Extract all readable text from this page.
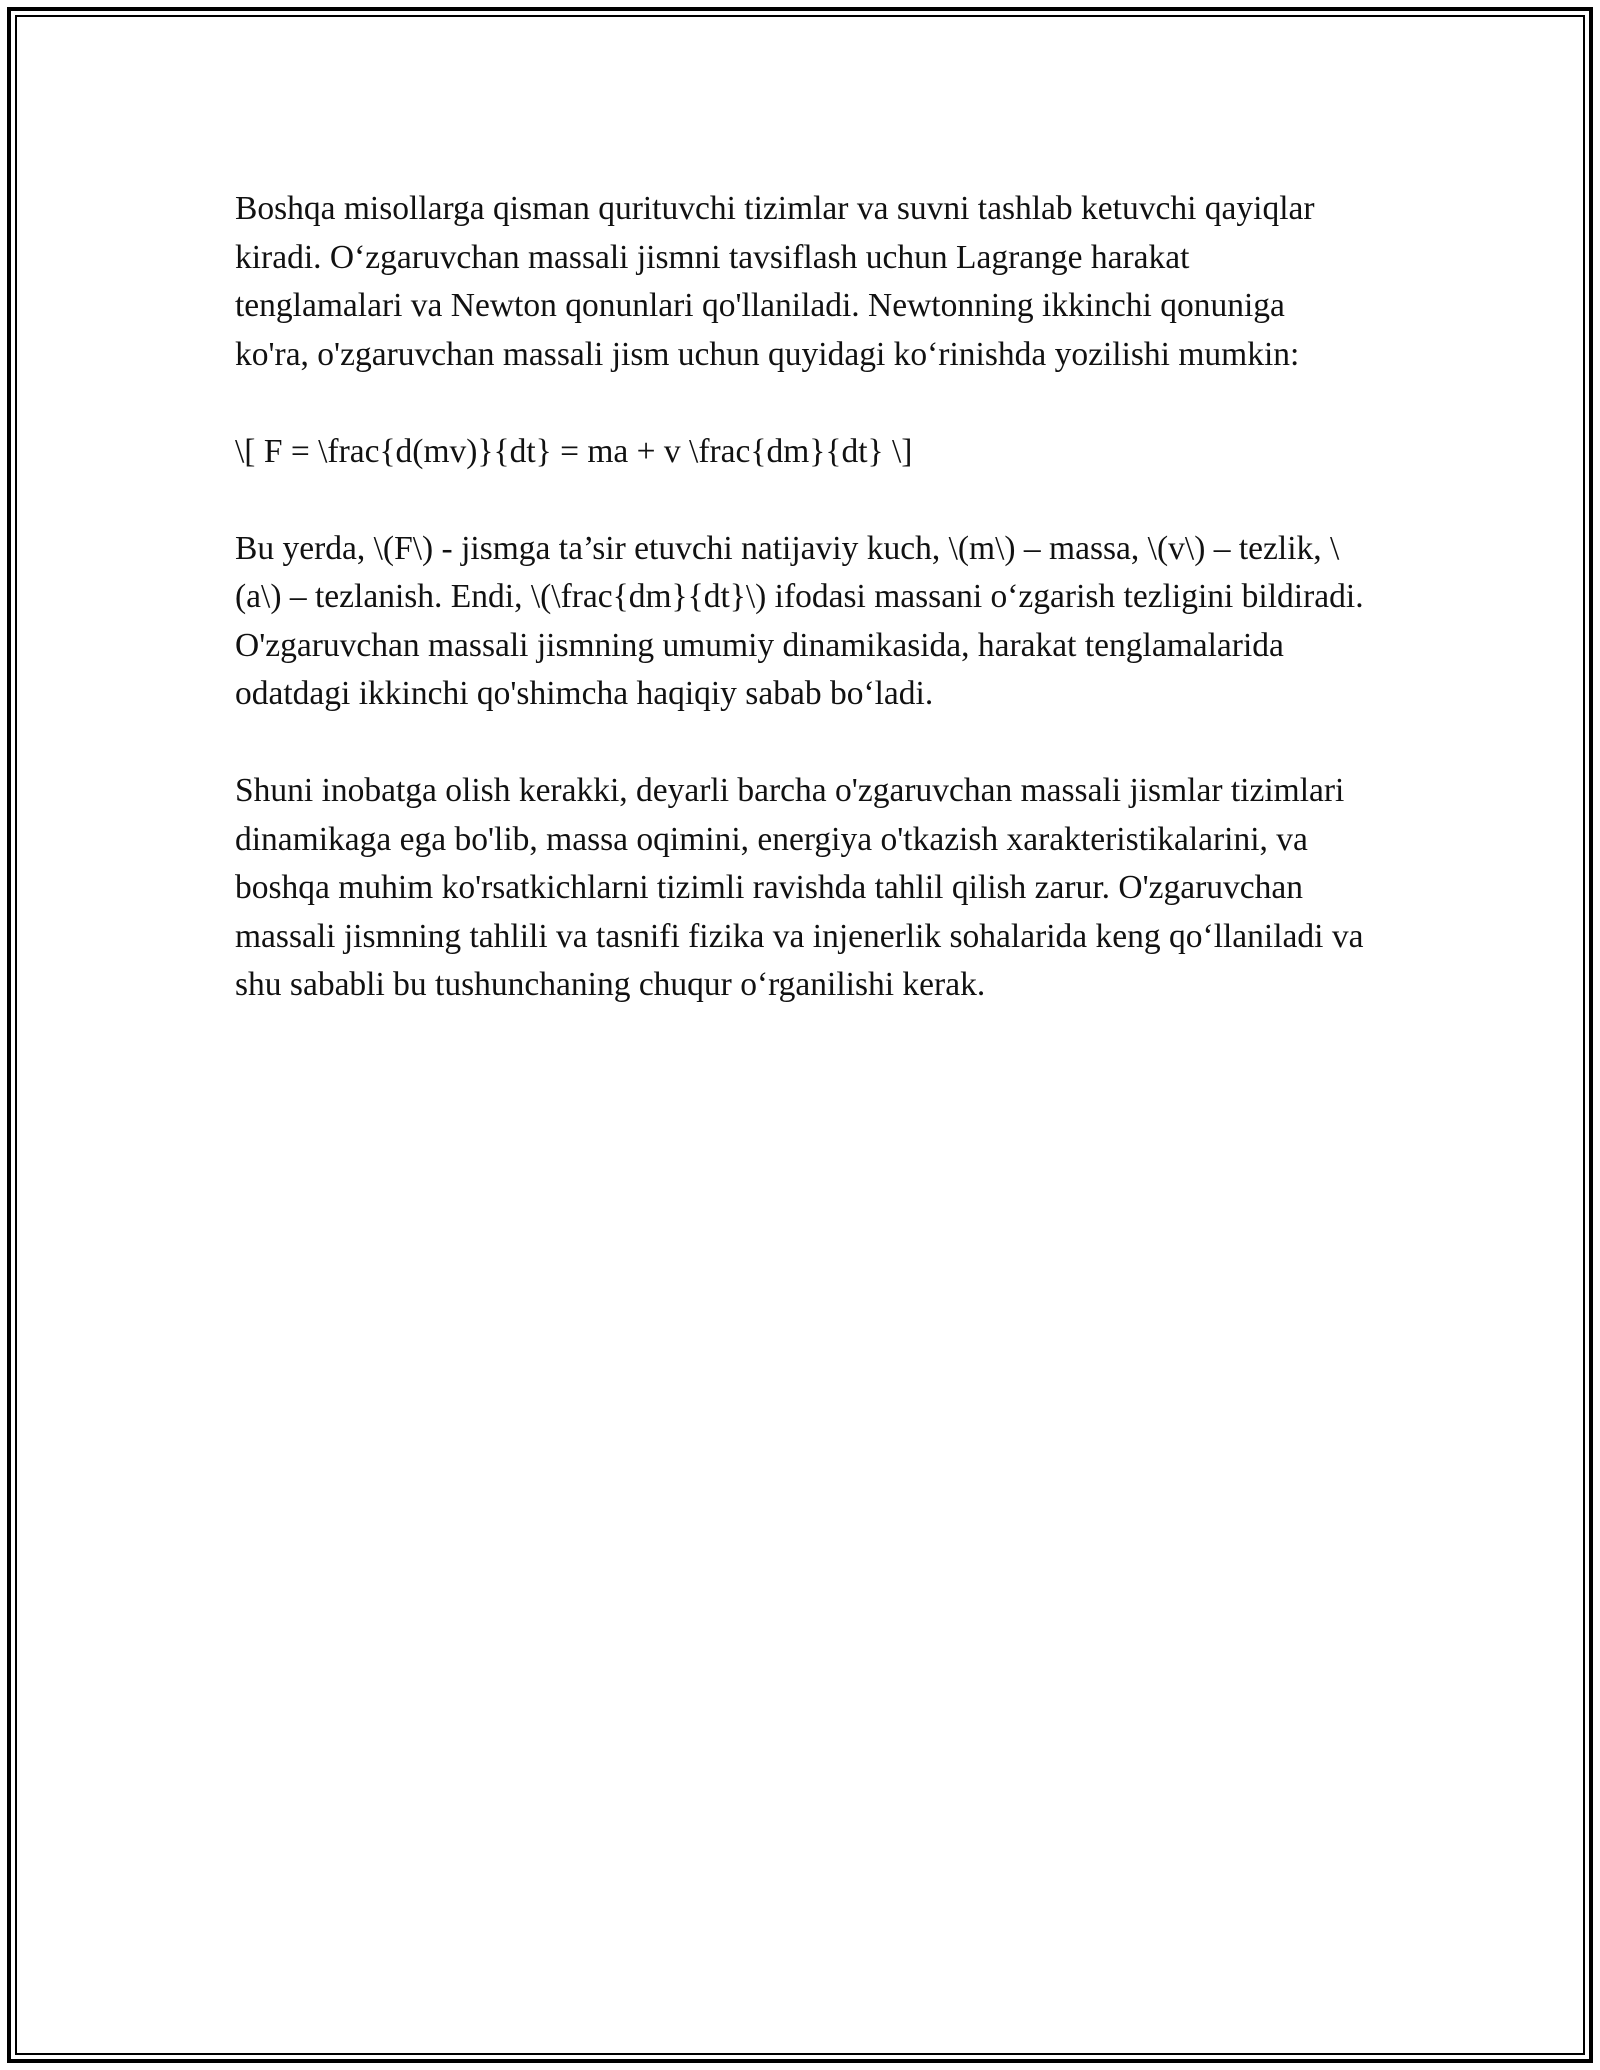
Boshqa misollarga qisman qurituvchi tizimlar va suvni tashlab ketuvchi qayiqlar kiradi. O‘zgaruvchan massali jismni tavsiflash uchun Lagrange harakat tenglamalari va Newton qonunlari qo'llaniladi. Newtonning ikkinchi qonuniga ko'ra, o'zgaruvchan massali jism uchun quyidagi ko‘rinishda yozilishi mumkin:

\[ F = \frac{d(mv)}{dt} = ma + v \frac{dm}{dt} \]

Bu yerda, \(F\) - jismga ta’sir etuvchi natijaviy kuch, \(m\) – massa, \(v\) – tezlik, \(a\) – tezlanish. Endi, \(\frac{dm}{dt}\) ifodasi massani o‘zgarish tezligini bildiradi. O'zgaruvchan massali jismning umumiy dinamikasida, harakat tenglamalarida odatdagi ikkinchi qo'shimcha haqiqiy sabab bo‘ladi.

Shuni inobatga olish kerakki, deyarli barcha o'zgaruvchan massali jismlar tizimlari dinamikaga ega bo'lib, massa oqimini, energiya o'tkazish xarakteristikalarini, va boshqa muhim ko'rsatkichlarni tizimli ravishda tahlil qilish zarur. O'zgaruvchan massali jismning tahlili va tasnifi fizika va injenerlik sohalarida keng qo‘llaniladi va shu sababli bu tushunchaning chuqur o‘rganilishi kerak.
